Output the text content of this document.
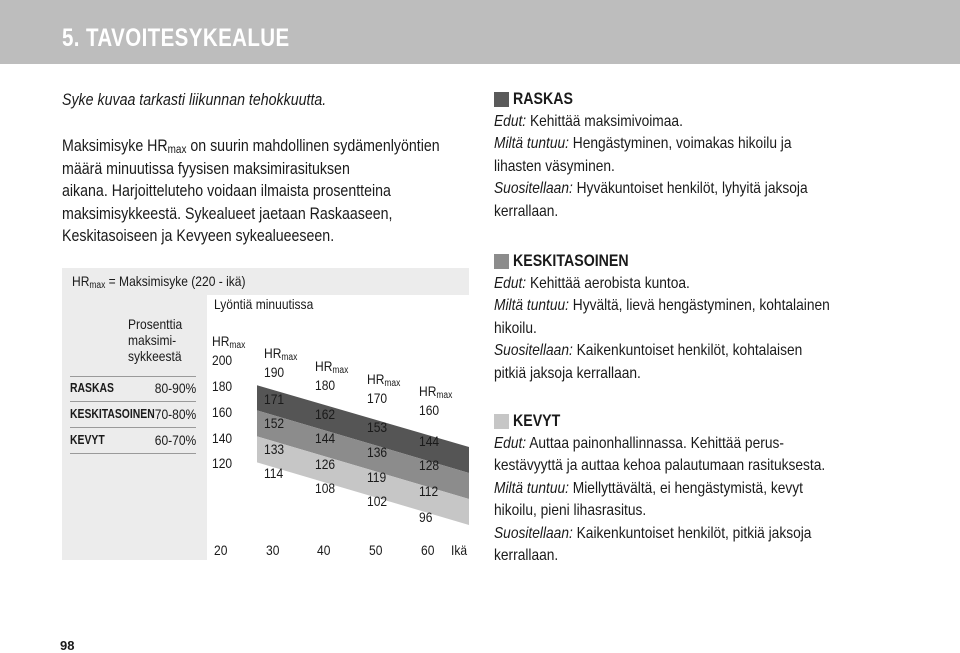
5. TAVOITESYKEALUE
Syke kuvaa tarkasti liikunnan tehokkuutta.
Maksimisyke $HR_{max}$ on suurin mahdollinen sydämenlyöntien
määrä minuutissa fyysisen maksimirasituksen
aikana. Harjoitteluteho voidaan ilmaista prosentteina
maksimisykkeestä. Sykealueet jaetaan Raskaaseen,
Keskitasoiseen ja Kevyeen sykealueeseen.
$HR_{max}$ = Maksimisyke (220 - ikä)
Prosenttia
maksimi-
sykkeestä
RASKAS	80-90%
KESKITASOINEN 70-80%
KEVYT	60-70%
Lyöntiä minuutissa
$HR_{max}$
200
180
160
140
120
20
$HR_{max}$
190
171
152
133
114
30
$HR_{max}$
180
162
144
126
108
40
$HR_{max}$
170
153
136
119
102
50
$HR_{max}$
160
144
128
112
96
60 Ikä
RASKAS
Edut: Kehittää maksimivoimaa.
Miltä tuntuu: Hengästyminen, voimakas hikoilu ja
lihasten väsyminen.
Suositellaan: Hyväkuntoiset henkilöt, lyhyitä jaksoja
kerrallaan.
KESKITASOINEN
Edut: Kehittää aerobista kuntoa.
Miltä tuntuu: Hyvältä, lievä hengästyminen, kohtalainen
hikoilu.
Suositellaan: Kaikenkuntoiset henkilöt, kohtalaisen
pitkiä jaksoja kerrallaan.
KEVYT
Edut: Auttaa painonhallinnassa. Kehittää perus-
kestävyyttä ja auttaa kehoa palautumaan rasituksesta.
Miltä tuntuu: Miellyttävältä, ei hengästymistä, kevyt
hikoilu, pieni lihasrasitus.
Suositellaan: Kaikenkuntoiset henkilöt, pitkiä jaksoja
kerrallaan.
98
